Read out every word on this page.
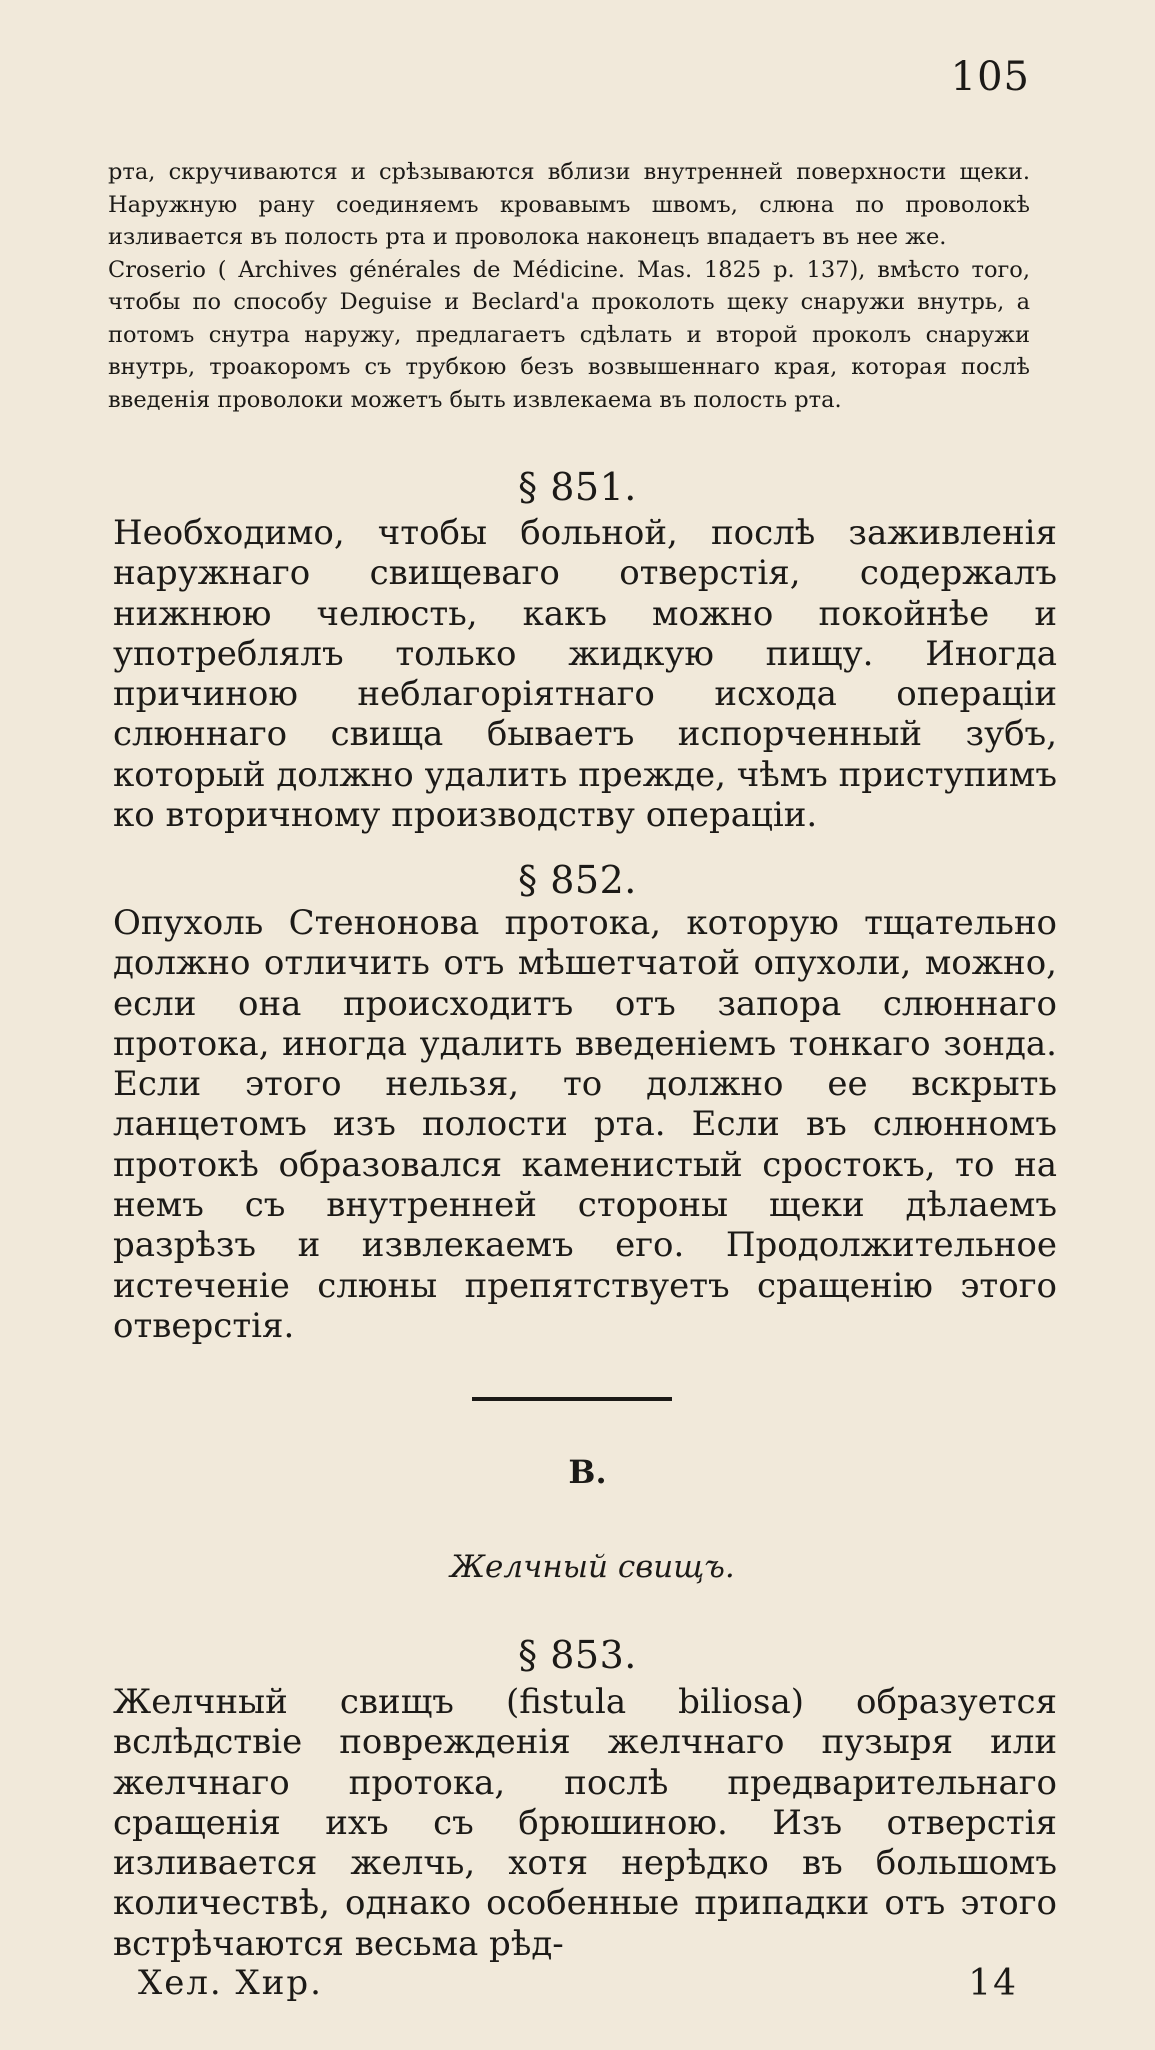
105

рта, скручиваются и срѣзываются вблизи внутренней поверхности щеки. Наружную рану соединяемъ кровавымъ швомъ, слюна по проволокѣ изливается въ полость рта и проволока наконецъ впадаетъ въ нее же.

Croserio ( Archives générales de Médicine. Mas. 1825 p. 137), вмѣсто того, чтобы по способу Deguise и Beclard'а проколоть щеку снаружи внутрь, а потомъ снутра наружу, предлагаетъ сдѣлать и второй проколъ снаружи внутрь, троакоромъ съ трубкою безъ возвышеннаго края, которая послѣ введенія проволоки можетъ быть извлекаема въ полость рта.

§ 851.
Необходимо, чтобы больной, послѣ заживленія наружнаго свищеваго отверстія, содержалъ нижнюю челюсть, какъ можно покойнѣе и употреблялъ только жидкую пищу. Иногда причиною неблагоріятнаго исхода операціи слюннаго свища бываетъ испорченный зубъ, который должно удалить прежде, чѣмъ приступимъ ко вторичному производству операціи.
§ 852.
Опухоль Стенонова протока, которую тщательно должно отличить отъ мѣшетчатой опухоли, можно, если она происходитъ отъ запора слюннаго протока, иногда удалить введеніемъ тонкаго зонда. Если этого нельзя, то должно ее вскрыть ланцетомъ изъ полости рта. Если въ слюнномъ протокѣ образовался каменистый сростокъ, то на немъ съ внутренней стороны щеки дѣлаемъ разрѣзъ и извлекаемъ его. Продолжительное истеченіе слюны препятствуетъ сращенію этого отверстія.
B.
Желчный свищъ.
§ 853.
Желчный свищъ (fistula biliosa) образуется вслѣдствіе поврежденія желчнаго пузыря или желчнаго протока, послѣ предварительнаго сращенія ихъ съ брюшиною. Изъ отверстія изливается желчь, хотя нерѣдко въ большомъ количествѣ, однако особенные припадки отъ этого встрѣчаются весьма рѣд-
Хел. Хир.	14
